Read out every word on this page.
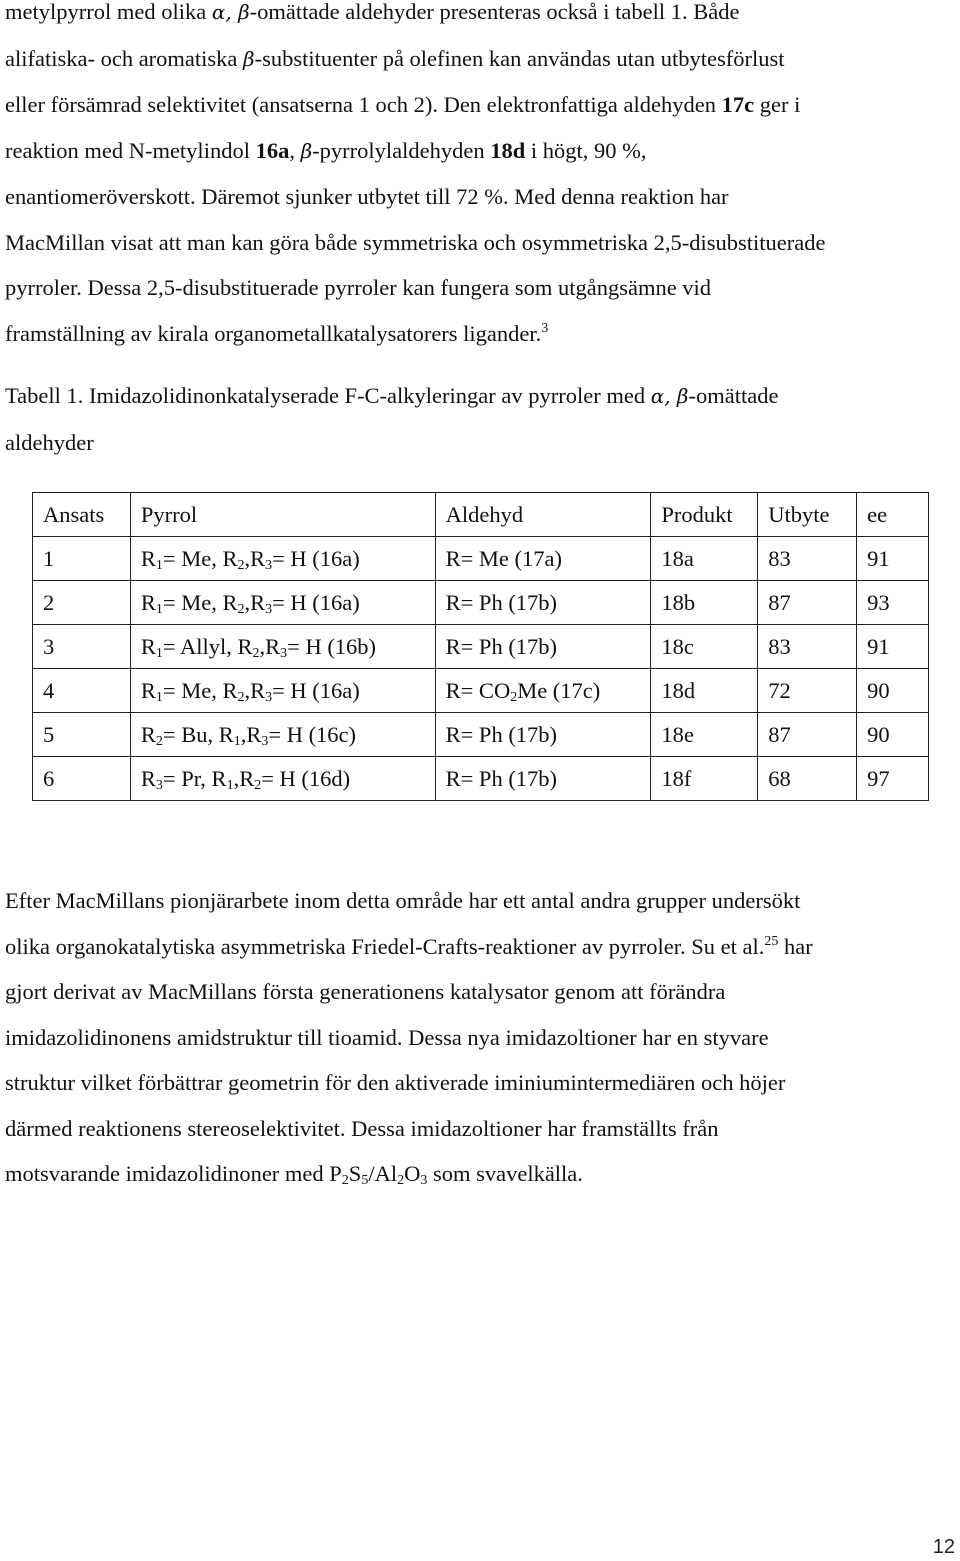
metylpyrrol med olika α, β-omättade aldehyder presenteras också i tabell 1. Både
alifatiska- och aromatiska β-substituenter på olefinen kan användas utan utbytesförlust
eller försämrad selektivitet (ansatserna 1 och 2). Den elektronfattiga aldehyden 17c ger i
reaktion med N-metylindol 16a, β-pyrrolylaldehyden 18d i högt, 90 %,
enantiomeröverskott. Däremot sjunker utbytet till 72 %. Med denna reaktion har
MacMillan visat att man kan göra både symmetriska och osymmetriska 2,5-disubstituerade
pyrroler. Dessa 2,5-disubstituerade pyrroler kan fungera som utgångsämne vid
framställning av kirala organometallkatalysatorers ligander.$^3$
Tabell 1. Imidazolidinonkatalyserade F-C-alkyleringar av pyrroler med α, β-omättade
aldehyder
Ansats	Pyrrol	Aldehyd	Produkt	Utbyte	ee
1	$R_1= Me$, $R_2,R_3= H$ (16a)	R= Me (17a)	18a	83	91
2	$R_1= Me$, $R_2,R_3= H$ (16a)	R= Ph (17b)	18b	87	93
3	$R_1=$ Allyl, $R_2,R_3= H$ (16b)	R= Ph (17b)	18c	83	91
4	$R_1= Me$, $R_2,R_3= H$ (16a)	$R= CO_2Me$ (17c)	18d	72	90
5	$R_2= Bu$, $R_1,R_3= H$ (16c)	R= Ph (17b)	18e	87	90
6	$R_3= Pr$, $R_1,R_2= H$ (16d)	R= Ph (17b)	18f	68	97
Efter MacMillans pionjärarbete inom detta område har ett antal andra grupper undersökt
olika organokatalytiska asymmetriska Friedel-Crafts-reaktioner av pyrroler. Su et al.$^{25}$ har
gjort derivat av MacMillans första generationens katalysator genom att förändra
imidazolidinonens amidstruktur till tioamid. Dessa nya imidazoltioner har en styvare
struktur vilket förbättrar geometrin för den aktiverade iminiumintermediären och höjer
därmed reaktionens stereoselektivitet. Dessa imidazoltioner har framställts från
motsvarande imidazolidinoner med $P_2S_5/Al_2O_3$ som svavelkälla.
12
